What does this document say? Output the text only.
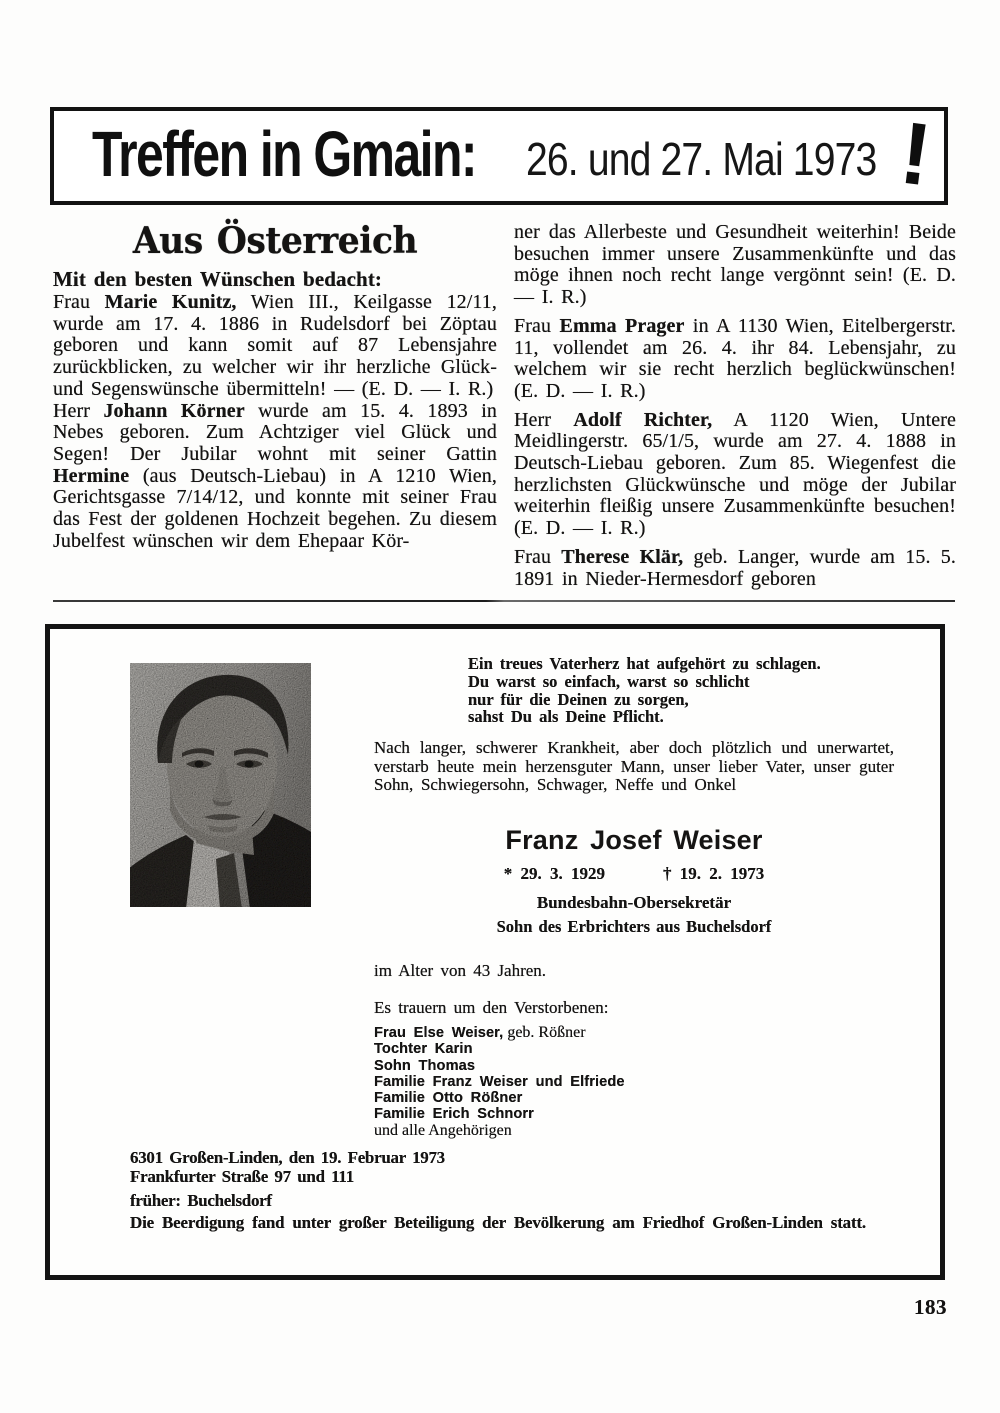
Treffen in Gmain: 26. und 27. Mai 1973 !
Aus Österreich
Mit den besten Wünschen bedacht:

Frau Marie Kunitz, Wien III., Keilgasse 12/11, wurde am 17. 4. 1886 in Rudelsdorf bei Zöptau geboren und kann somit auf 87 Lebensjahre zurückblicken, zu welcher wir ihr herzliche Glück- und Segenswünsche übermitteln! — (E. D. — I. R.)

Herr Johann Körner wurde am 15. 4. 1893 in Nebes geboren. Zum Achtziger viel Glück und Segen! Der Jubilar wohnt mit seiner Gattin Hermine (aus Deutsch-Liebau) in A 1210 Wien, Gerichtsgasse 7/14/12, und konnte mit seiner Frau das Fest der goldenen Hochzeit begehen. Zu diesem Jubelfest wünschen wir dem Ehepaar Kör-

ner das Allerbeste und Gesundheit weiterhin! Beide besuchen immer unsere Zusammenkünfte und das möge ihnen noch recht lange vergönnt sein! (E. D. — I. R.)

Frau Emma Prager in A 1130 Wien, Eitelbergerstr. 11, vollendet am 26. 4. ihr 84. Lebensjahr, zu welchem wir sie recht herzlich beglückwünschen! (E. D. — I. R.)

Herr Adolf Richter, A 1120 Wien, Untere Meidlingerstr. 65/1/5, wurde am 27. 4. 1888 in Deutsch-Liebau geboren. Zum 85. Wiegenfest die herzlichsten Glückwünsche und möge der Jubilar weiterhin fleißig unsere Zusammenkünfte besuchen! (E. D. — I. R.)

Frau Therese Klär, geb. Langer, wurde am 15. 5. 1891 in Nieder-Hermesdorf geboren

Ein treues Vaterherz hat aufgehört zu schlagen.
Du warst so einfach, warst so schlicht
nur für die Deinen zu sorgen,
sahst Du als Deine Pflicht.

Nach langer, schwerer Krankheit, aber doch plötzlich und unerwartet, verstarb heute mein herzensguter Mann, unser lieber Vater, unser guter Sohn, Schwiegersohn, Schwager, Neffe und Onkel

Franz Josef Weiser
* 29. 3. 1929	† 19. 2. 1973
Bundesbahn-Obersekretär
Sohn des Erbrichters aus Buchelsdorf
im Alter von 43 Jahren.
Es trauern um den Verstorbenen:
Frau Else Weiser, geb. Rößner
Tochter Karin
Sohn Thomas
Familie Franz Weiser und Elfriede
Familie Otto Rößner
Familie Erich Schnorr
und alle Angehörigen
6301 Großen-Linden, den 19. Februar 1973
Frankfurter Straße 97 und 111
früher: Buchelsdorf

Die Beerdigung fand unter großer Beteiligung der Bevölkerung am Friedhof Großen-Linden statt.

183
